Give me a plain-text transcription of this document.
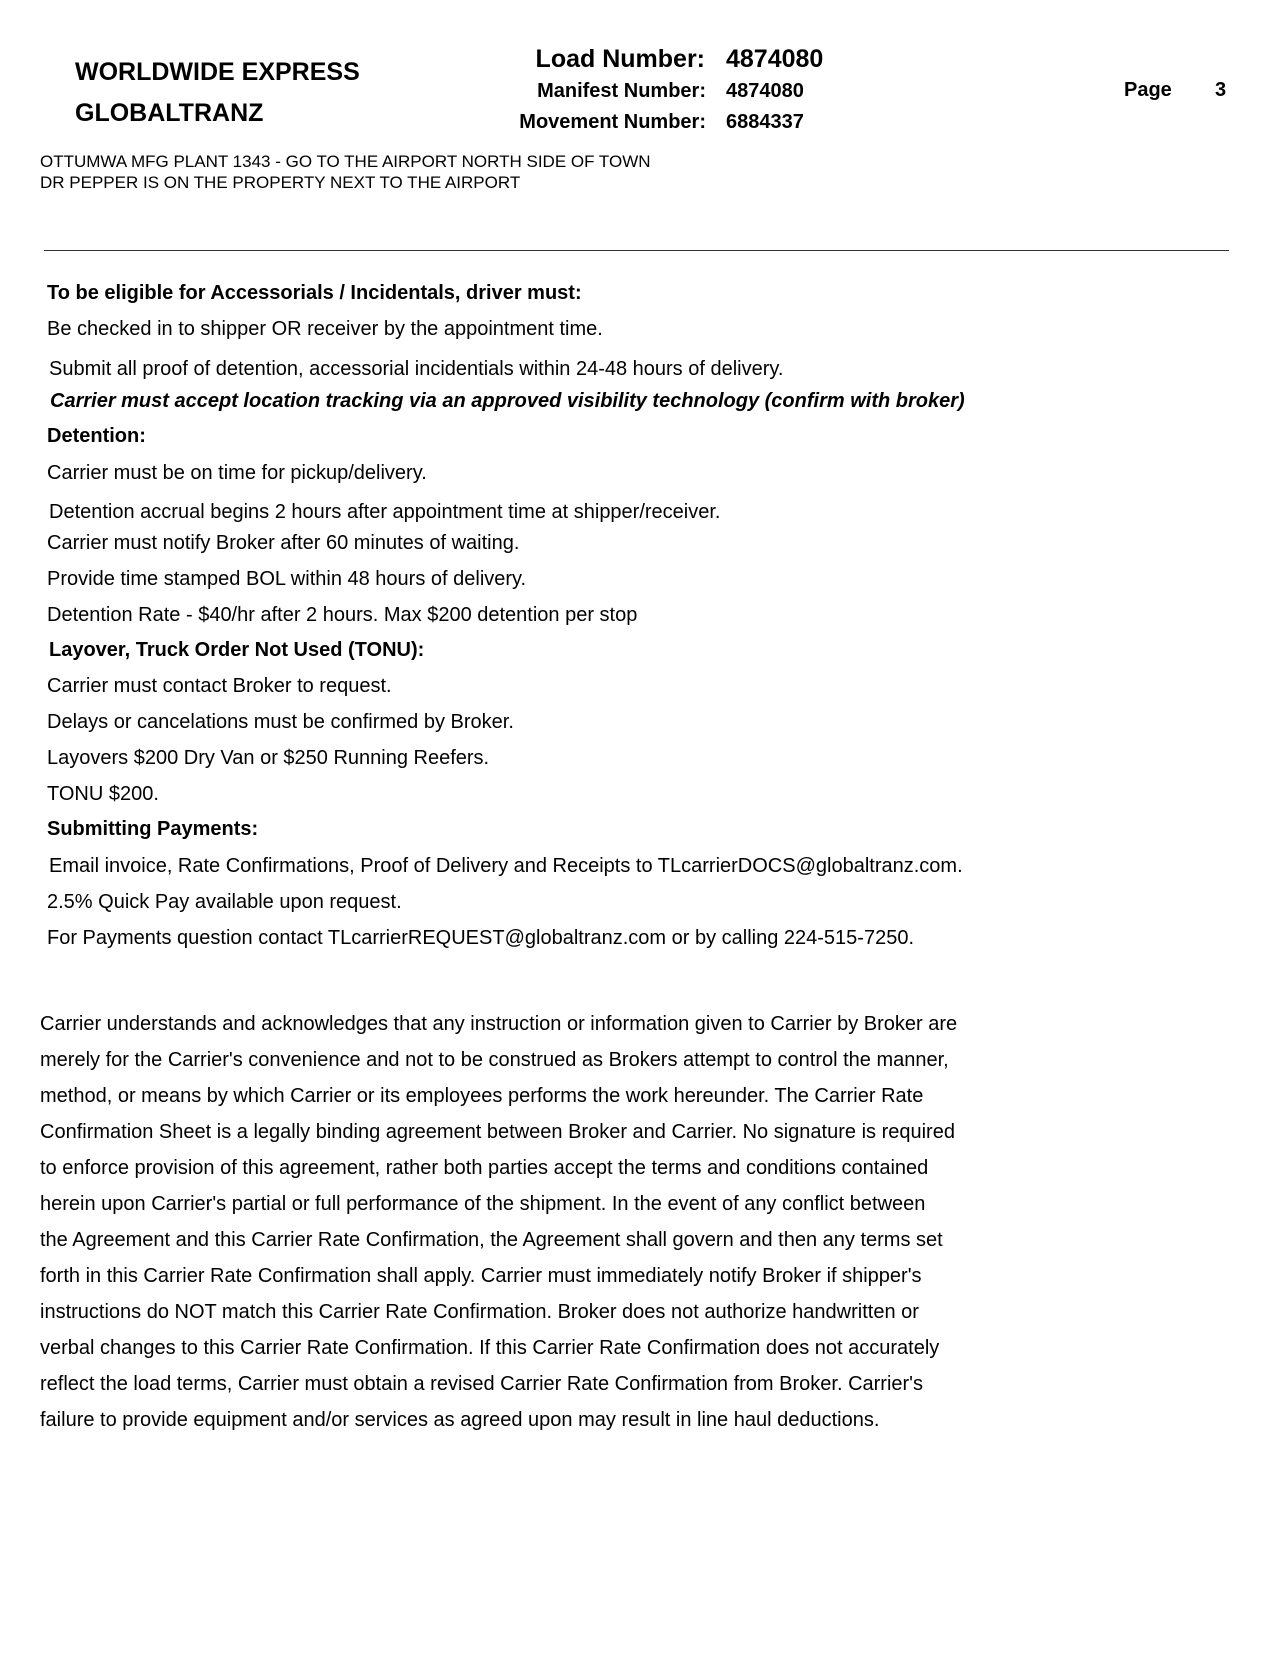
WORLDWIDE EXPRESS
GLOBALTRANZ
Load Number: 4874080
Manifest Number: 4874080
Movement Number: 6884337
Page 3
OTTUMWA MFG PLANT 1343 - GO TO THE AIRPORT NORTH SIDE OF TOWN
DR PEPPER IS ON THE PROPERTY NEXT TO THE AIRPORT
To be eligible for Accessorials / Incidentals, driver must:
Be checked in to shipper OR receiver by the appointment time.
Submit all proof of detention, accessorial incidentials within 24-48 hours of delivery.
Carrier must accept location tracking via an approved visibility technology (confirm with broker)
Detention:
Carrier must be on time for pickup/delivery.
Detention accrual begins 2 hours after appointment time at shipper/receiver.
Carrier must notify Broker after 60 minutes of waiting.
Provide time stamped BOL within 48 hours of delivery.
Detention Rate - $40/hr after 2 hours. Max $200 detention per stop
Layover, Truck Order Not Used (TONU):
Carrier must contact Broker to request.
Delays or cancelations must be confirmed by Broker.
Layovers $200 Dry Van or $250 Running Reefers.
TONU $200.
Submitting Payments:
Email invoice, Rate Confirmations, Proof of Delivery and Receipts to TLcarrierDOCS@globaltranz.com.
2.5% Quick Pay available upon request.
For Payments question contact TLcarrierREQUEST@globaltranz.com or by calling 224-515-7250.
Carrier understands and acknowledges that any instruction or information given to Carrier by Broker are
merely for the Carrier's convenience and not to be construed as Brokers attempt to control the manner,
method, or means by which Carrier or its employees performs the work hereunder. The Carrier Rate
Confirmation Sheet is a legally binding agreement between Broker and Carrier. No signature is required
to enforce provision of this agreement, rather both parties accept the terms and conditions contained
herein upon Carrier's partial or full performance of the shipment. In the event of any conflict between
the Agreement and this Carrier Rate Confirmation, the Agreement shall govern and then any terms set
forth in this Carrier Rate Confirmation shall apply. Carrier must immediately notify Broker if shipper's
instructions do NOT match this Carrier Rate Confirmation. Broker does not authorize handwritten or
verbal changes to this Carrier Rate Confirmation. If this Carrier Rate Confirmation does not accurately
reflect the load terms, Carrier must obtain a revised Carrier Rate Confirmation from Broker. Carrier's
failure to provide equipment and/or services as agreed upon may result in line haul deductions.
